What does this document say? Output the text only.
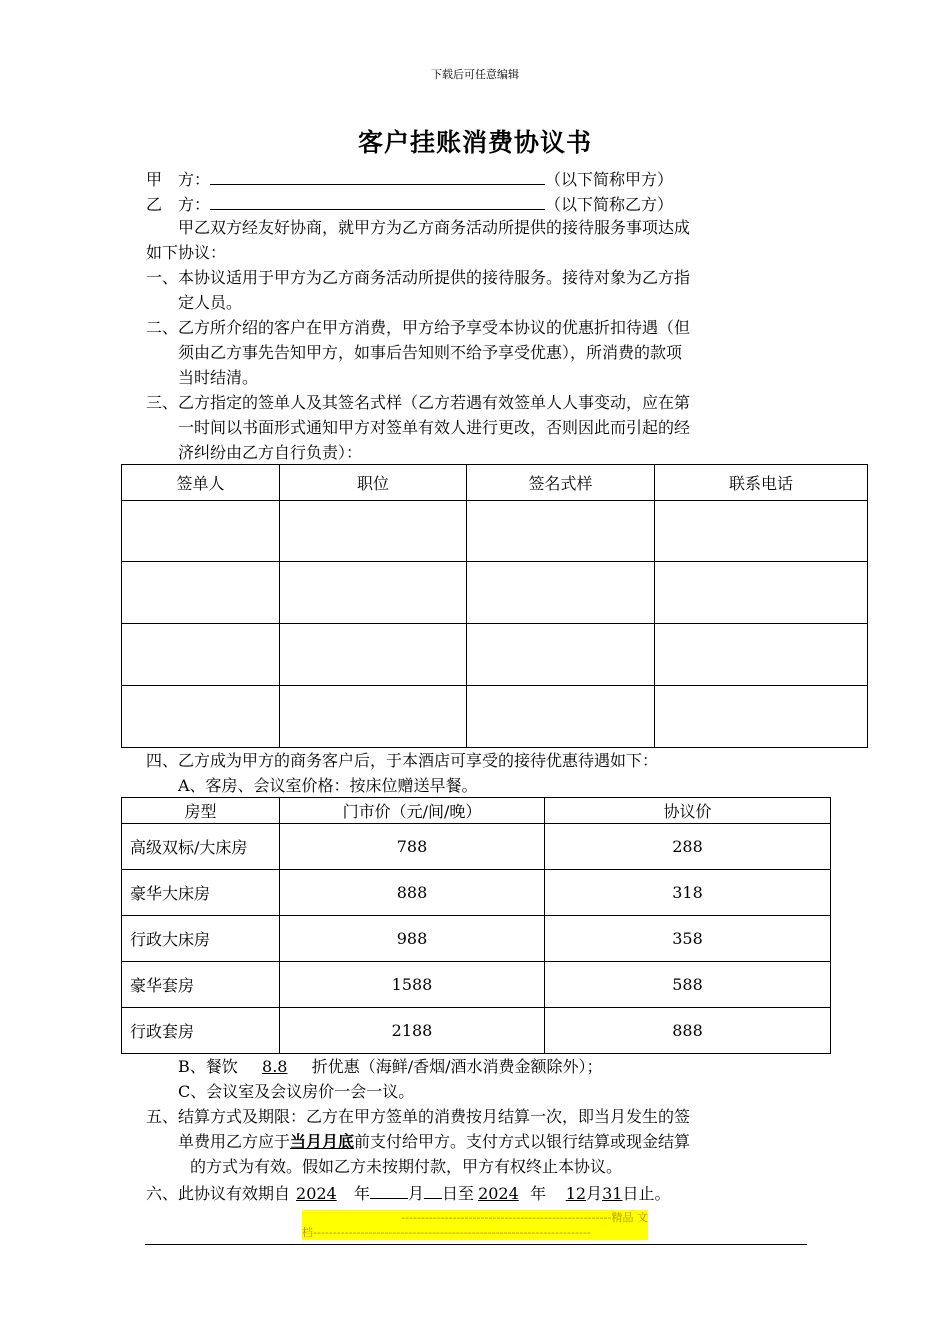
下载后可任意编辑
客户挂账消费协议书
甲　方：	（以下简称甲方）
乙　方：	（以下简称乙方）
甲乙双方经友好协商，就甲方为乙方商务活动所提供的接待服务事项达成
如下协议：
一、本协议适用于甲方为乙方商务活动所提供的接待服务。接待对象为乙方指
定人员。
二、乙方所介绍的客户在甲方消费，甲方给予享受本协议的优惠折扣待遇（但
须由乙方事先告知甲方，如事后告知则不给予享受优惠），所消费的款项
当时结清。
三、乙方指定的签单人及其签名式样（乙方若遇有效签单人人事变动，应在第
一时间以书面形式通知甲方对签单有效人进行更改，否则因此而引起的经
济纠纷由乙方自行负责）：
签单人	职位	签名式样	联系电话

四、乙方成为甲方的商务客户后，于本酒店可享受的接待优惠待遇如下：
A、客房、会议室价格：按床位赠送早餐。
房型	门市价（元/间/晚）	协议价
高级双标/大床房	788	288
豪华大床房	888	318
行政大床房	988	358
豪华套房	1588	588
行政套房	2188	888
B、餐饮 8.8 折优惠（海鲜/香烟/酒水消费金额除外）；
C、会议室及会议房价一会一议。
五、结算方式及期限：乙方在甲方签单的消费按月结算一次，即当月发生的签
单费用乙方应于当月月底前支付给甲方。支付方式以银行结算或现金结算
的方式为有效。假如乙方未按期付款，甲方有权终止本协议。
六、此协议有效期自 2024 年 月 日至 2024 年 12月31日止。
-----------------------------------------------------精品 文
档----------------------------------------------------------------------
